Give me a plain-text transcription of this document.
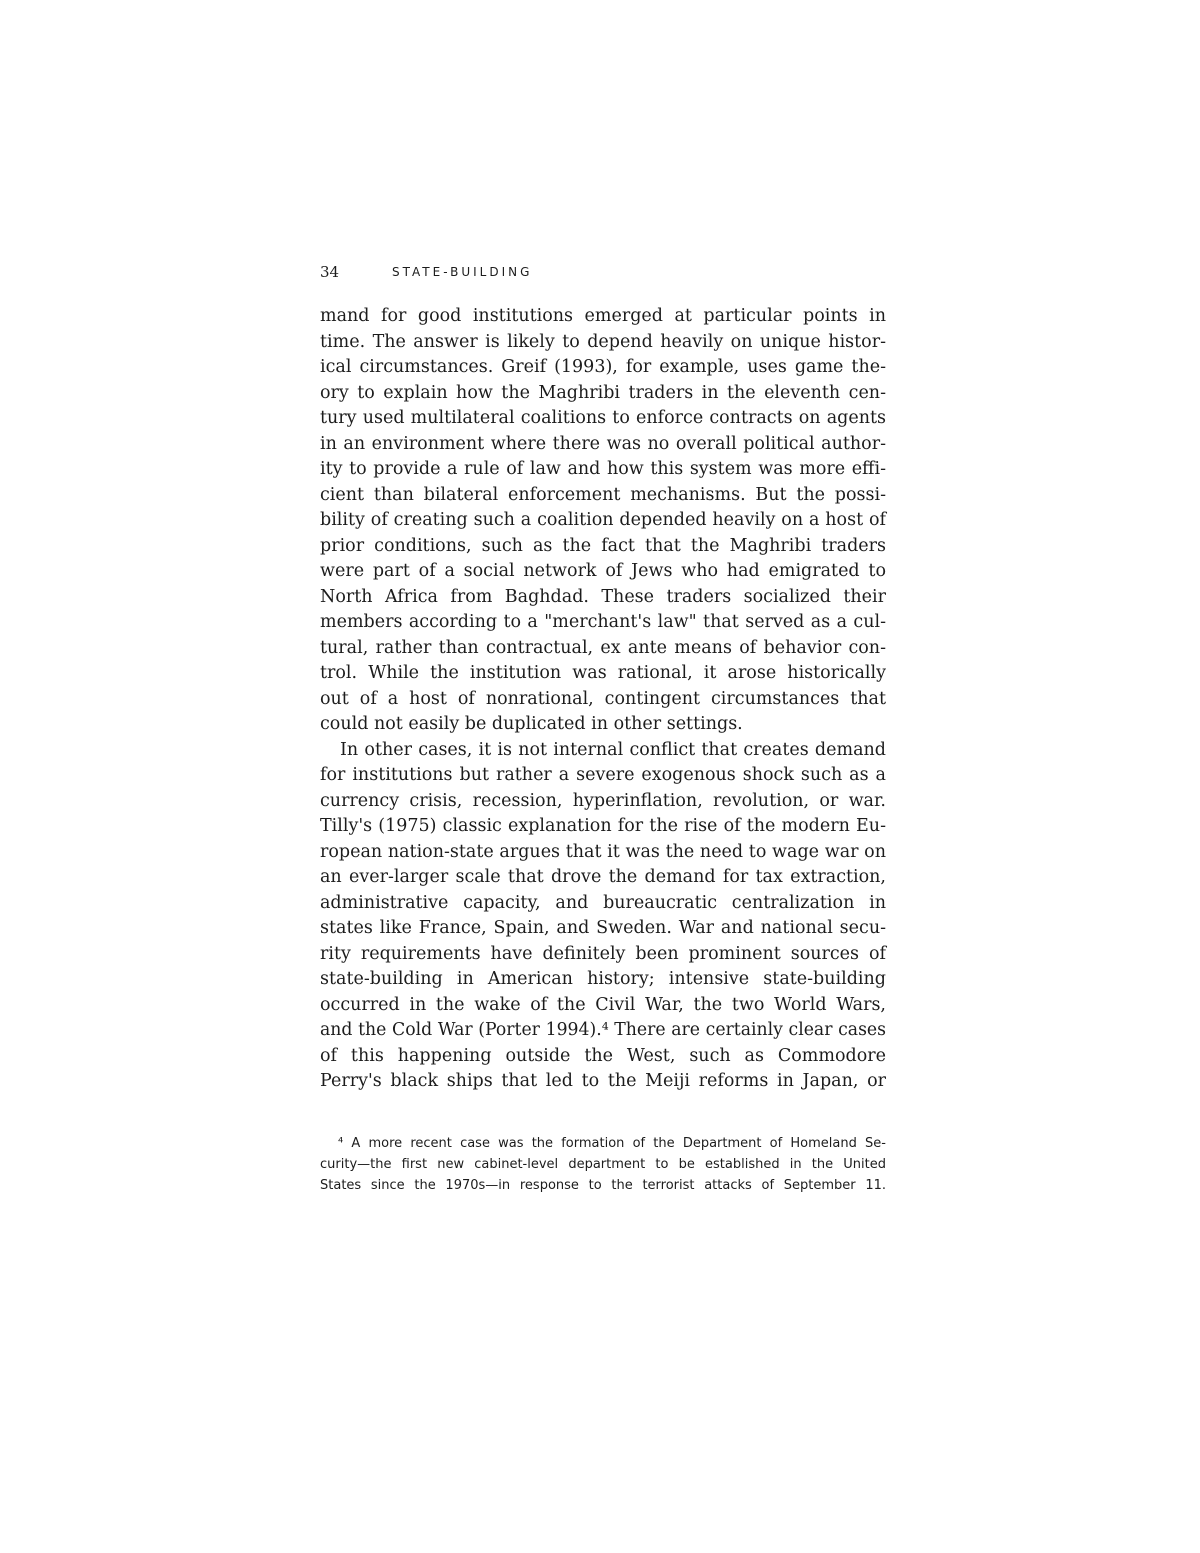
34	STATE-BUILDING
mand for good institutions emerged at particular points in
time. The answer is likely to depend heavily on unique histor-
ical circumstances. Greif (1993), for example, uses game the-
ory to explain how the Maghribi traders in the eleventh cen-
tury used multilateral coalitions to enforce contracts on agents
in an environment where there was no overall political author-
ity to provide a rule of law and how this system was more effi-
cient than bilateral enforcement mechanisms. But the possi-
bility of creating such a coalition depended heavily on a host of
prior conditions, such as the fact that the Maghribi traders
were part of a social network of Jews who had emigrated to
North Africa from Baghdad. These traders socialized their
members according to a "merchant's law" that served as a cul-
tural, rather than contractual, ex ante means of behavior con-
trol. While the institution was rational, it arose historically
out of a host of nonrational, contingent circumstances that
could not easily be duplicated in other settings.
In other cases, it is not internal conflict that creates demand
for institutions but rather a severe exogenous shock such as a
currency crisis, recession, hyperinflation, revolution, or war.
Tilly's (1975) classic explanation for the rise of the modern Eu-
ropean nation-state argues that it was the need to wage war on
an ever-larger scale that drove the demand for tax extraction,
administrative capacity, and bureaucratic centralization in
states like France, Spain, and Sweden. War and national secu-
rity requirements have definitely been prominent sources of
state-building in American history; intensive state-building
occurred in the wake of the Civil War, the two World Wars,
and the Cold War (Porter 1994).⁴ There are certainly clear cases
of this happening outside the West, such as Commodore
Perry's black ships that led to the Meiji reforms in Japan, or
⁴ A more recent case was the formation of the Department of Homeland Se-
curity—the first new cabinet-level department to be established in the United
States since the 1970s—in response to the terrorist attacks of September 11.
